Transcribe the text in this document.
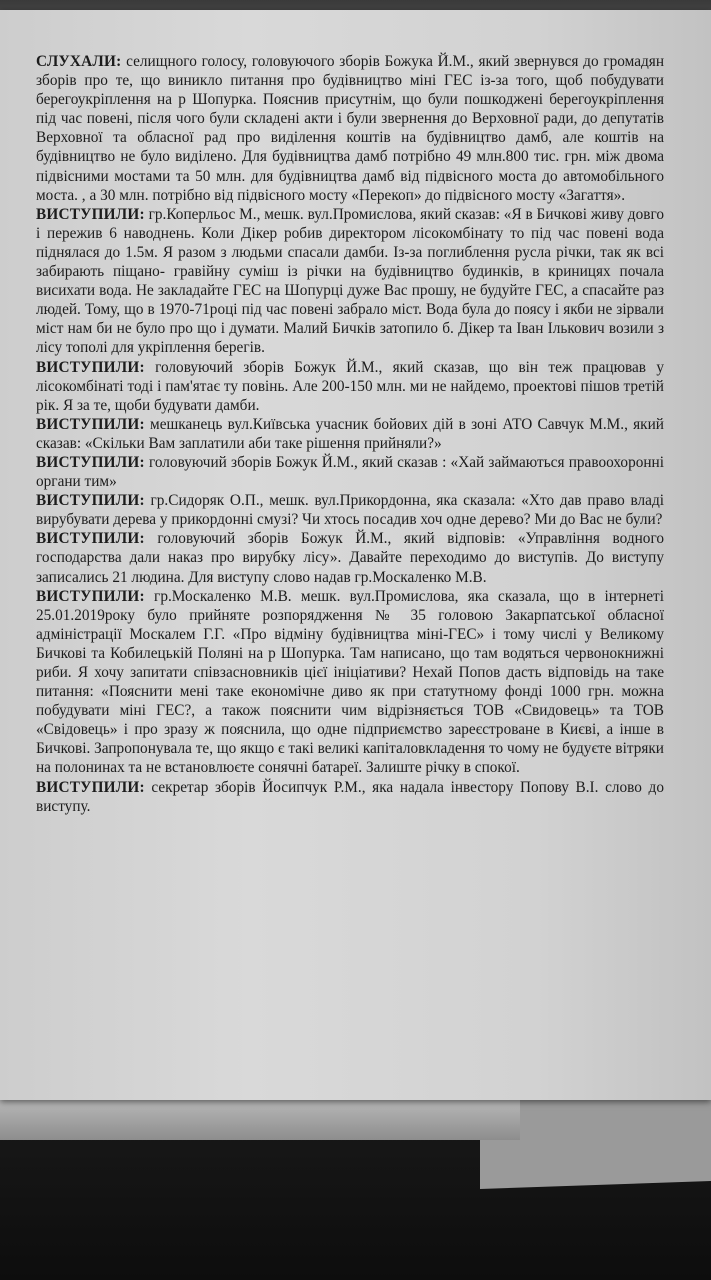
СЛУХАЛИ: селищного голосу, головуючого зборів Божука Й.М., який звернувся до громадян зборів про те, що виникло питання про будівництво міні ГЕС із-за того, щоб побудувати берегоукріплення на р Шопурка. Пояснив присутнім, що були пошкоджені берегоукріплення під час повені, після чого були складені акти і були звернення до Верховної ради, до депутатів Верховної та обласної рад про виділення коштів на будівництво дамб, але коштів на будівництво не було виділено. Для будівництва дамб потрібно 49 млн.800 тис. грн. між двома підвісними мостами та 50 млн. для будівництва дамб від підвісного моста до автомобільного моста. , а 30 млн. потрібно від підвісного мосту «Перекоп» до підвісного мосту «Загаття».

ВИСТУПИЛИ: гр.Коперльос М., мешк. вул.Промислова, який сказав: «Я в Бичкові живу довго і пережив 6 наводнень. Коли Дікер робив директором лісокомбінату то під час повені вода піднялася до 1.5м. Я разом з людьми спасали дамби. Із-за поглиблення русла річки, так як всі забирають піщано- гравійну суміш із річки на будівництво будинків, в криницях почала висихати вода. Не закладайте ГЕС на Шопурці дуже Вас прошу, не будуйте ГЕС, а спасайте раз людей. Тому, що в 1970-71році під час повені забрало міст. Вода була до поясу і якби не зірвали міст нам би не було про що і думати. Малий Бичків затопило б. Дікер та Іван Ількович возили з лісу тополі для укріплення берегів.

ВИСТУПИЛИ: головуючий зборів Божук Й.М., який сказав, що він теж працював у лісокомбінаті тоді і пам'ятає ту повінь. Але 200-150 млн. ми не найдемо, проектові пішов третій рік. Я за те, щоби будувати дамби.

ВИСТУПИЛИ: мешканець вул.Київська учасник бойових дій в зоні АТО Савчук М.М., який сказав: «Скільки Вам заплатили аби таке рішення прийняли?»

ВИСТУПИЛИ: головуючий зборів Божук Й.М., який сказав : «Хай займаються правоохоронні органи тим»

ВИСТУПИЛИ: гр.Сидоряк О.П., мешк. вул.Прикордонна, яка сказала: «Хто дав право владі вирубувати дерева у прикордонні смузі? Чи хтось посадив хоч одне дерево? Ми до Вас не були?

ВИСТУПИЛИ: головуючий зборів Божук Й.М., який відповів: «Управління водного господарства дали наказ про вирубку лісу». Давайте переходимо до виступів. До виступу записались 21 людина. Для виступу слово надав гр.Москаленко М.В.

ВИСТУПИЛИ: гр.Москаленко М.В. мешк. вул.Промислова, яка сказала, що в інтернеті 25.01.2019року було прийняте розпорядження № 35 головою Закарпатської обласної адміністрації Москалем Г.Г. «Про відміну будівництва міні-ГЕС» і тому числі у Великому Бичкові та Кобилецькій Поляні на р Шопурка. Там написано, що там водяться червонокнижні риби. Я хочу запитати співзасновників цієї ініціативи? Нехай Попов дасть відповідь на таке питання: «Пояснити мені таке економічне диво як при статутному фонді 1000 грн. можна побудувати міні ГЕС?, а також пояснити чим відрізняється ТОВ «Свидовець» та ТОВ «Свідовець» і про зразу ж пояснила, що одне підприємство зареєстроване в Києві, а інше в Бичкові. Запропонувала те, що якщо є такі великі капіталовкладення то чому не будуєте вітряки на полонинах та не встановлюєте сонячні батареї. Залиште річку в спокої.

ВИСТУПИЛИ: секретар зборів Йосипчук Р.М., яка надала інвестору Попову В.І. слово до виступу.
